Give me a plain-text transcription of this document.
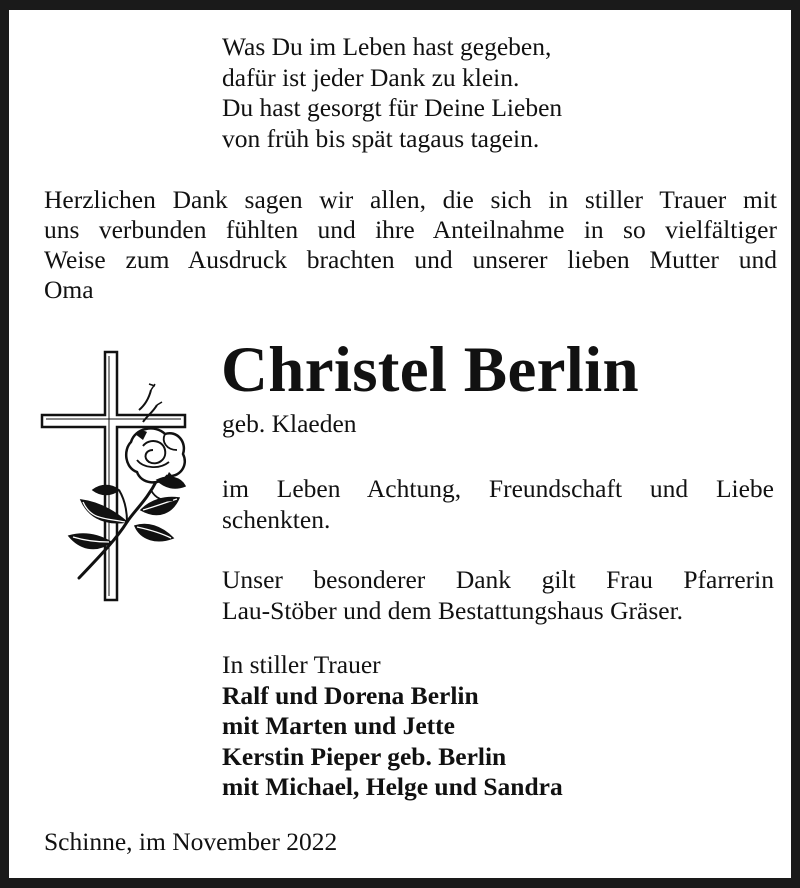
Was Du im Leben hast gegeben,
dafür ist jeder Dank zu klein.
Du hast gesorgt für Deine Lieben
von früh bis spät tagaus tagein.
Herzlichen Dank sagen wir allen, die sich in stiller Trauer mit
uns verbunden fühlten und ihre Anteilnahme in so vielfältiger
Weise zum Ausdruck brachten und unserer lieben Mutter und
Oma
Christel Berlin
geb. Klaeden
im Leben Achtung, Freundschaft und Liebe
schenkten.
Unser besonderer Dank gilt Frau Pfarrerin
Lau-Stöber und dem Bestattungshaus Gräser.
In stiller Trauer
Ralf und Dorena Berlin
mit Marten und Jette
Kerstin Pieper geb. Berlin
mit Michael, Helge und Sandra
Schinne, im November 2022
